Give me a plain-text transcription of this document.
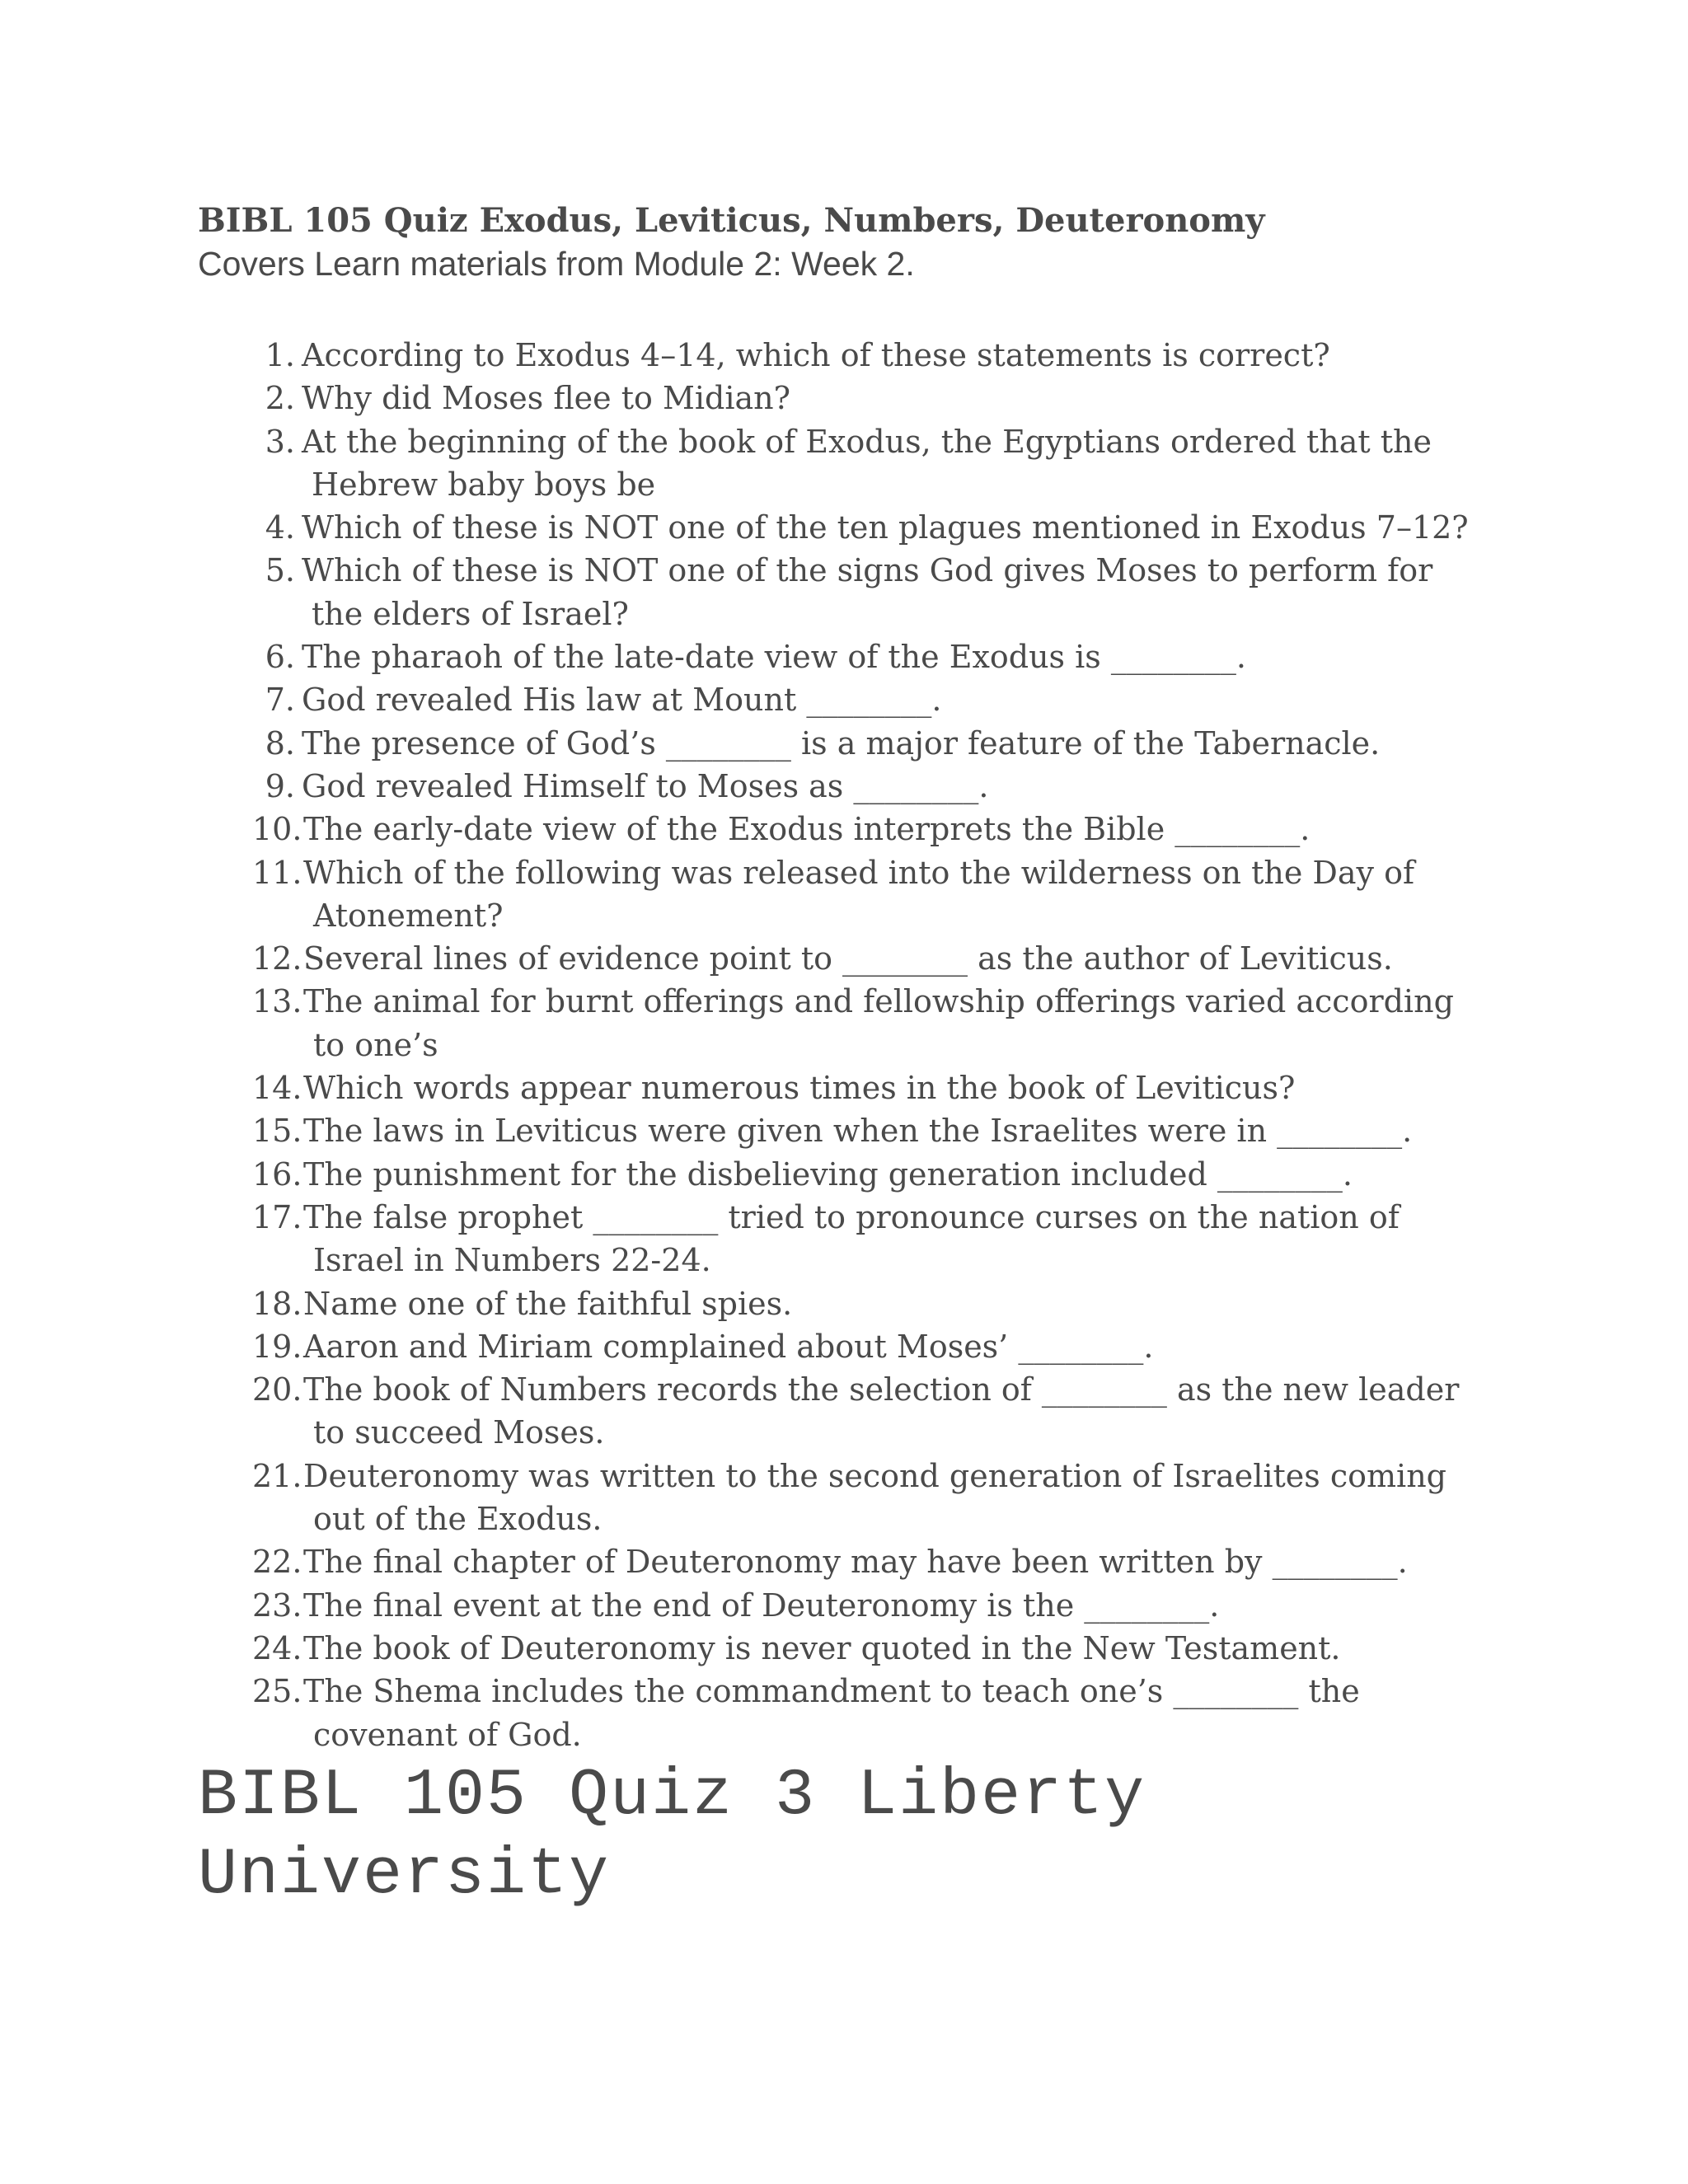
BIBL 105 Quiz Exodus, Leviticus, Numbers, Deuteronomy
Covers Learn materials from Module 2: Week 2.
1. According to Exodus 4–14, which of these statements is correct?
2. Why did Moses flee to Midian?
3. At the beginning of the book of Exodus, the Egyptians ordered that the Hebrew baby boys be
4. Which of these is NOT one of the ten plagues mentioned in Exodus 7–12?
5. Which of these is NOT one of the signs God gives Moses to perform for the elders of Israel?
6. The pharaoh of the late-date view of the Exodus is ________.
7. God revealed His law at Mount ________.
8. The presence of God’s ________ is a major feature of the Tabernacle.
9. God revealed Himself to Moses as ________.
10. The early-date view of the Exodus interprets the Bible ________.
11. Which of the following was released into the wilderness on the Day of Atonement?
12. Several lines of evidence point to ________ as the author of Leviticus.
13. The animal for burnt offerings and fellowship offerings varied according to one’s
14. Which words appear numerous times in the book of Leviticus?
15. The laws in Leviticus were given when the Israelites were in ________.
16. The punishment for the disbelieving generation included ________.
17. The false prophet ________ tried to pronounce curses on the nation of Israel in Numbers 22-24.
18. Name one of the faithful spies.
19. Aaron and Miriam complained about Moses’ ________.
20. The book of Numbers records the selection of ________ as the new leader to succeed Moses.
21. Deuteronomy was written to the second generation of Israelites coming out of the Exodus.
22. The final chapter of Deuteronomy may have been written by ________.
23. The final event at the end of Deuteronomy is the ________.
24. The book of Deuteronomy is never quoted in the New Testament.
25. The Shema includes the commandment to teach one’s ________ the covenant of God.
BIBL 105 Quiz 3 Liberty University
